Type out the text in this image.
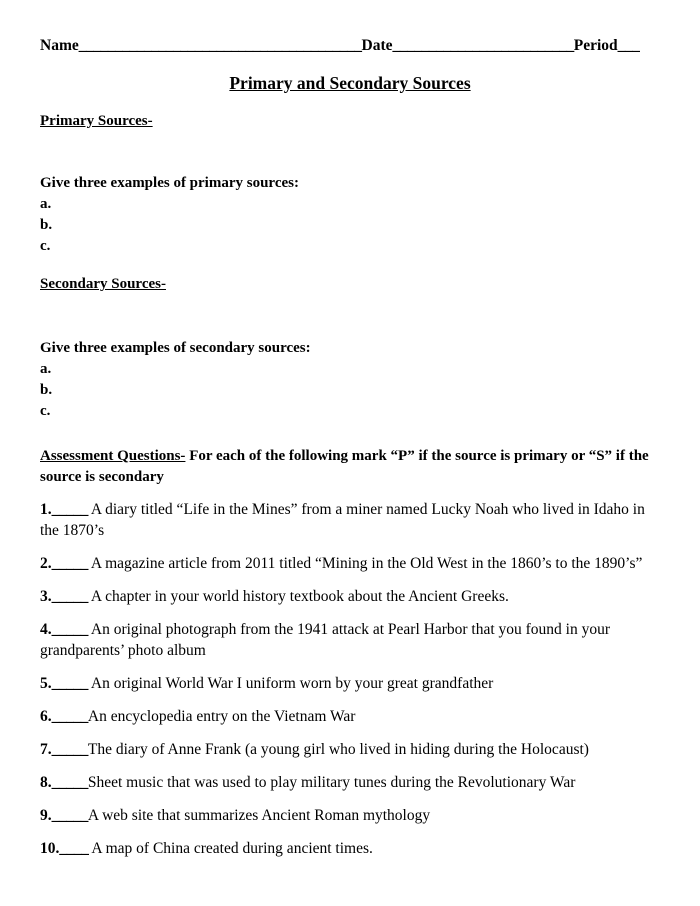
Name_______________________________________Date_________________________Period___
Primary and Secondary Sources
Primary Sources-
Give three examples of primary sources:
a.
b.
c.
Secondary Sources-
Give three examples of secondary sources:
a.
b.
c.
Assessment Questions- For each of the following mark “P” if the source is primary or “S” if the source is secondary
1._____ A diary titled “Life in the Mines” from a miner named Lucky Noah who lived in Idaho in the 1870’s
2._____ A magazine article from 2011 titled “Mining in the Old West in the 1860’s to the 1890’s”
3._____ A chapter in your world history textbook about the Ancient Greeks.
4._____ An original photograph from the 1941 attack at Pearl Harbor that you found in your grandparents’ photo album
5._____ An original World War I uniform worn by your great grandfather
6._____An encyclopedia entry on the Vietnam War
7._____The diary of Anne Frank (a young girl who lived in hiding during the Holocaust)
8._____Sheet music that was used to play military tunes during the Revolutionary War
9._____A web site that summarizes Ancient Roman mythology
10.____ A map of China created during ancient times.
